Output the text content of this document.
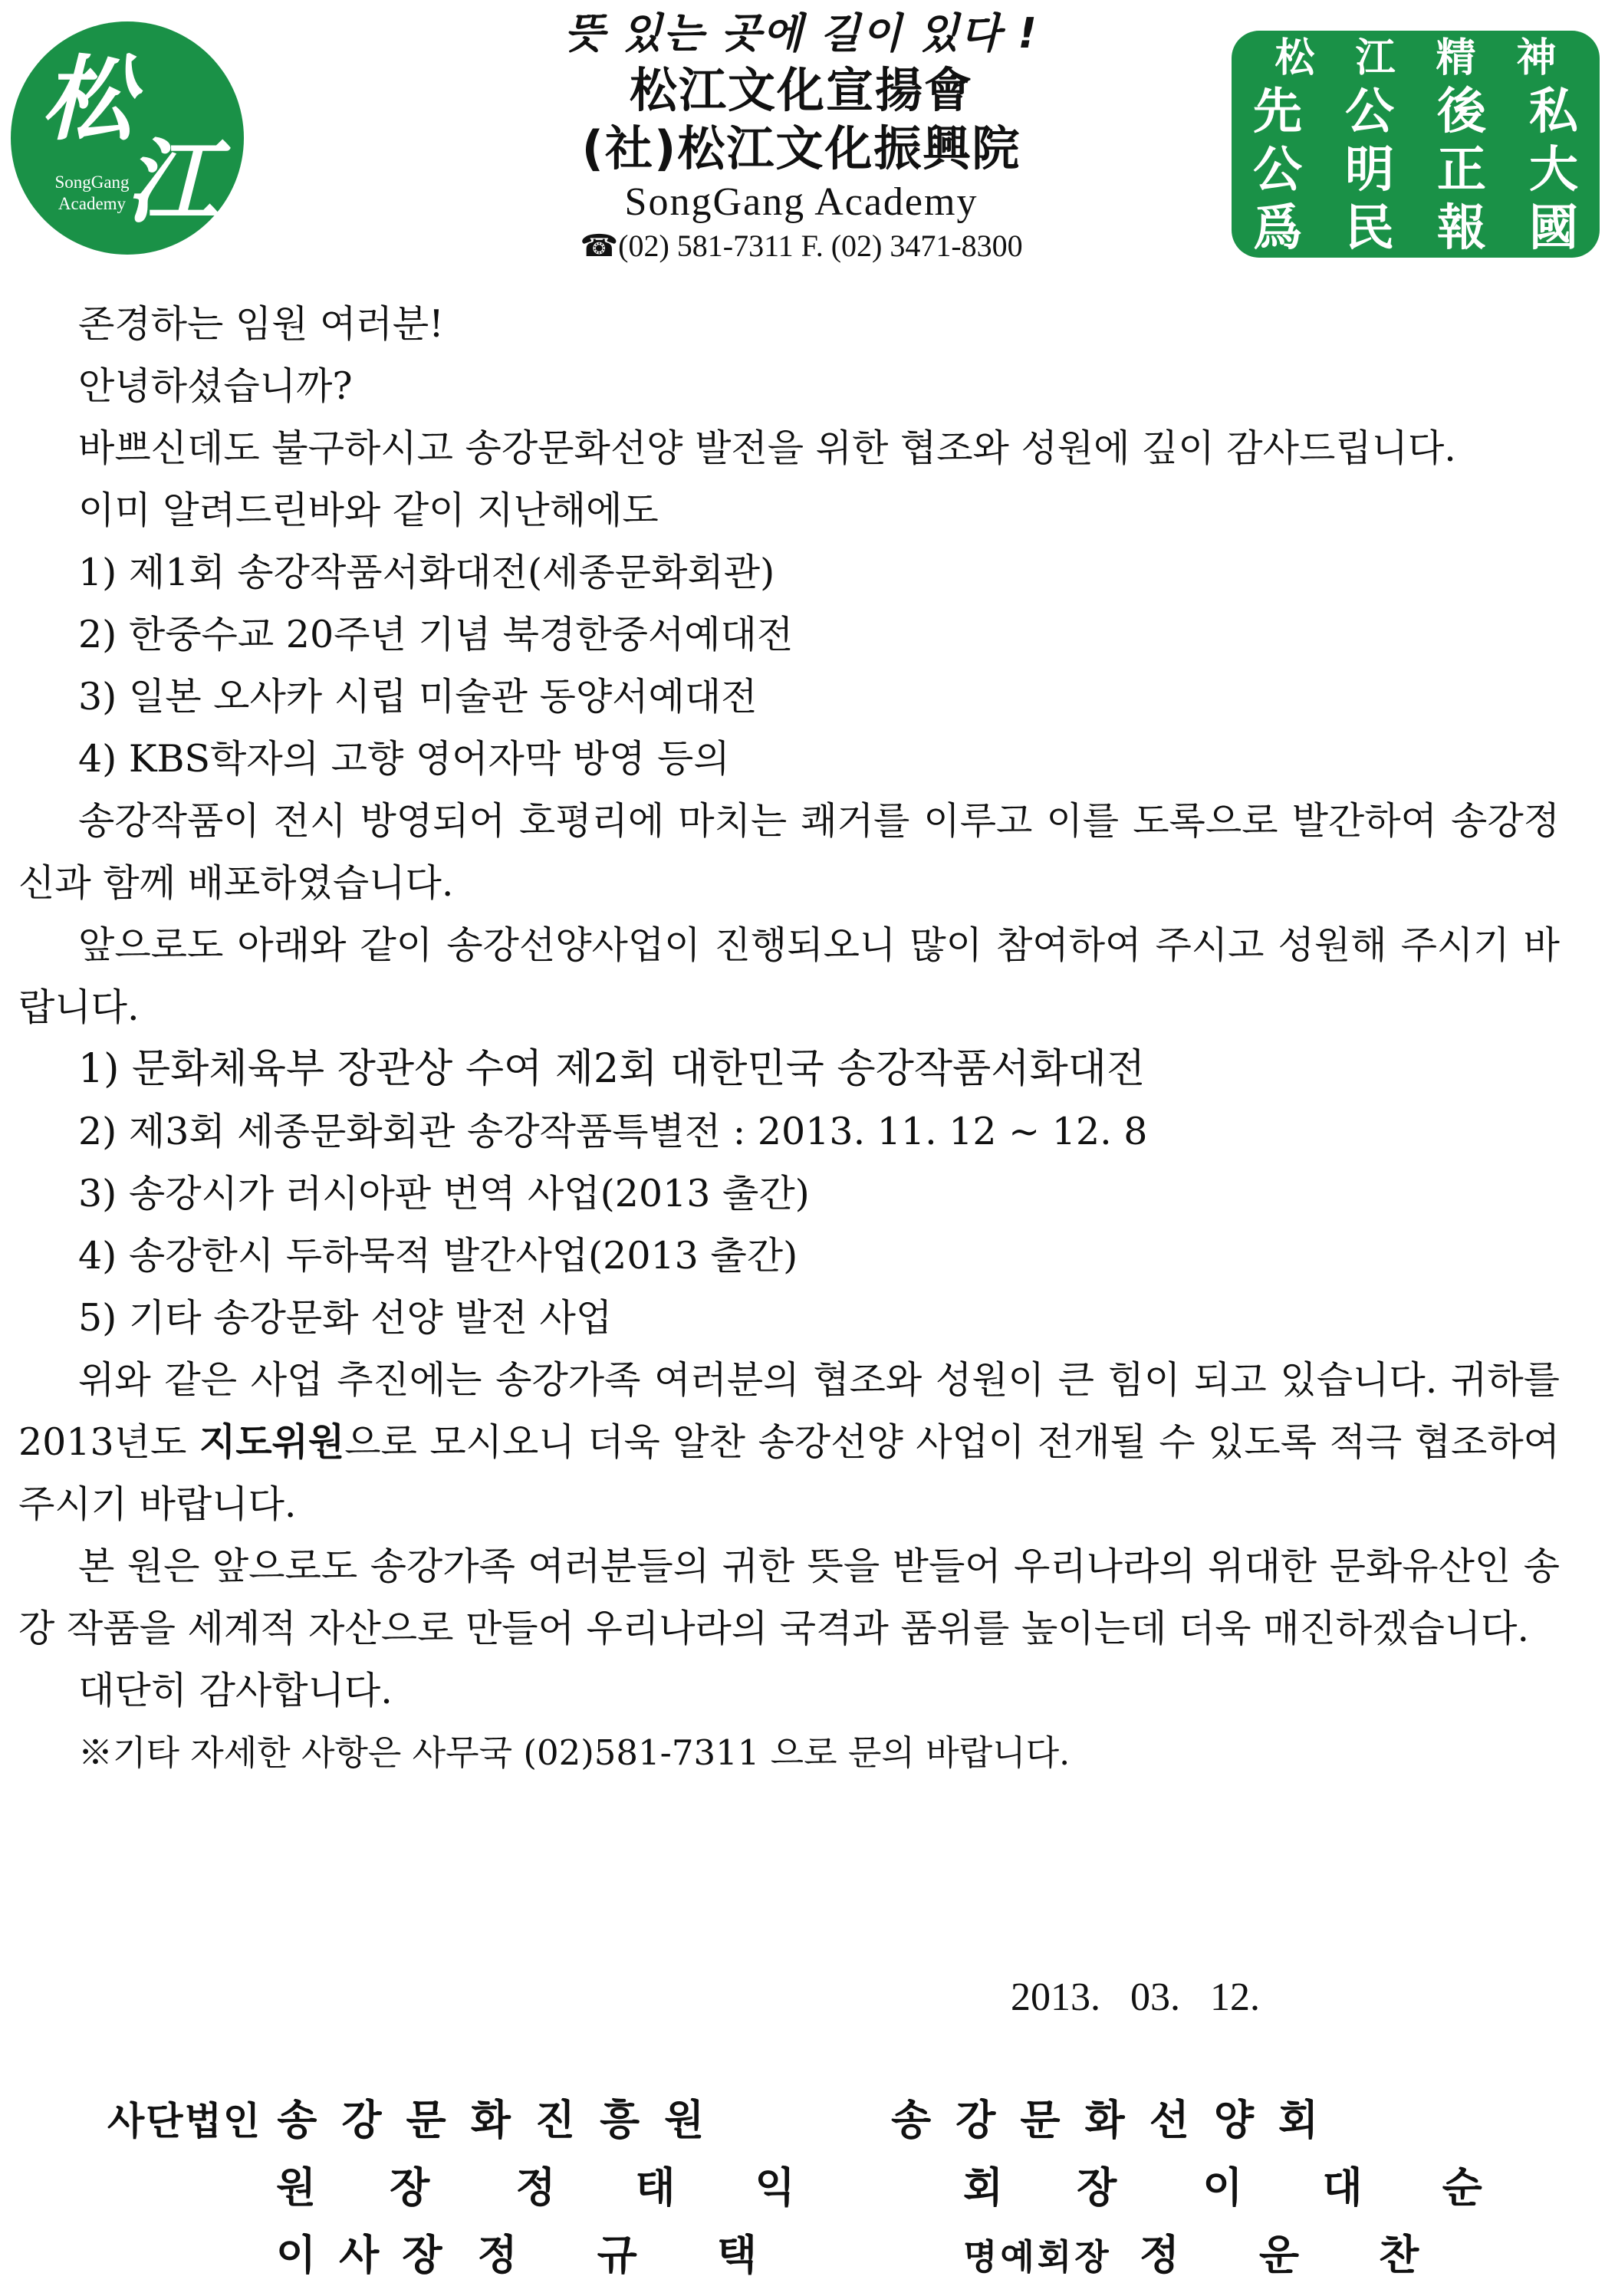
松
江
SongGang
Academy
뜻 있는 곳에 길이 있다 !
松江文化宣揚會
(社)松江文化振興院
SongGang Academy
☎(02) 581-7311 F. (02) 3471-8300
松 江 精 神
先 公 後 私
公 明 正 大
爲 民 報 國

존경하는 임원 여러분!

안녕하셨습니까?

바쁘신데도 불구하시고 송강문화선양 발전을 위한 협조와 성원에 깊이 감사드립니다.

이미 알려드린바와 같이 지난해에도

1) 제1회 송강작품서화대전(세종문화회관)

2) 한중수교 20주년 기념 북경한중서예대전

3) 일본 오사카 시립 미술관 동양서예대전

4) KBS학자의 고향 영어자막 방영 등의

송강작품이 전시 방영되어 호평리에 마치는 쾌거를 이루고 이를 도록으로 발간하여 송강정신과 함께 배포하였습니다.

앞으로도 아래와 같이 송강선양사업이 진행되오니 많이 참여하여 주시고 성원해 주시기 바랍니다.

1) 문화체육부 장관상 수여 제2회 대한민국 송강작품서화대전

2) 제3회 세종문화회관 송강작품특별전 : 2013. 11. 12 ~ 12. 8

3) 송강시가 러시아판 번역 사업(2013 출간)

4) 송강한시 두하묵적 발간사업(2013 출간)

5) 기타 송강문화 선양 발전 사업

위와 같은 사업 추진에는 송강가족 여러분의 협조와 성원이 큰 힘이 되고 있습니다. 귀하를 2013년도 지도위원으로 모시오니 더욱 알찬 송강선양 사업이 전개될 수 있도록 적극 협조하여 주시기 바랍니다.

본 원은 앞으로도 송강가족 여러분들의 귀한 뜻을 받들어 우리나라의 위대한 문화유산인 송강 작품을 세계적 자산으로 만들어 우리나라의 국격과 품위를 높이는데 더욱 매진하겠습니다.

대단히 감사합니다.

※기타 자세한 사항은 사무국 (02)581-7311 으로 문의 바랍니다.

2013.   03.   12.
사단법인 송강문화진흥원
원장 정태익
이사장 정규택
송강문화선양회
회장 이대순
명예회장 정운찬
